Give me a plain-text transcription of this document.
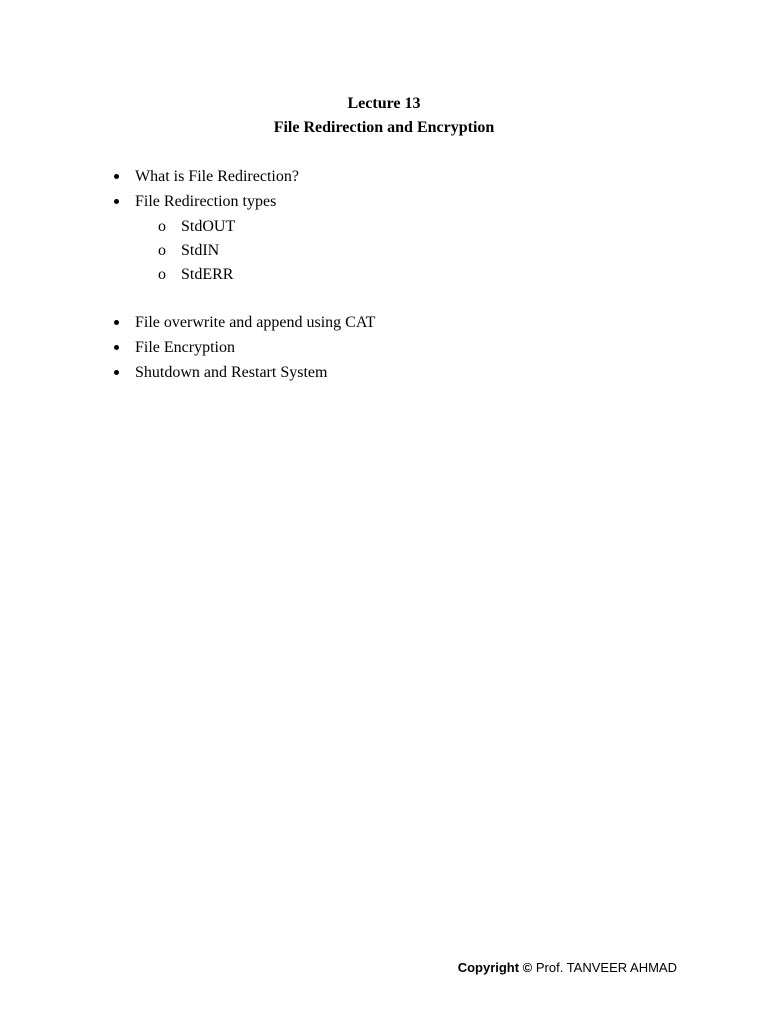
Lecture 13
File Redirection and Encryption
What is File Redirection?
File Redirection types
o StdOUT
o StdIN
o StdERR
File overwrite and append using CAT
File Encryption
Shutdown and Restart System
Copyright © Prof. TANVEER AHMAD
